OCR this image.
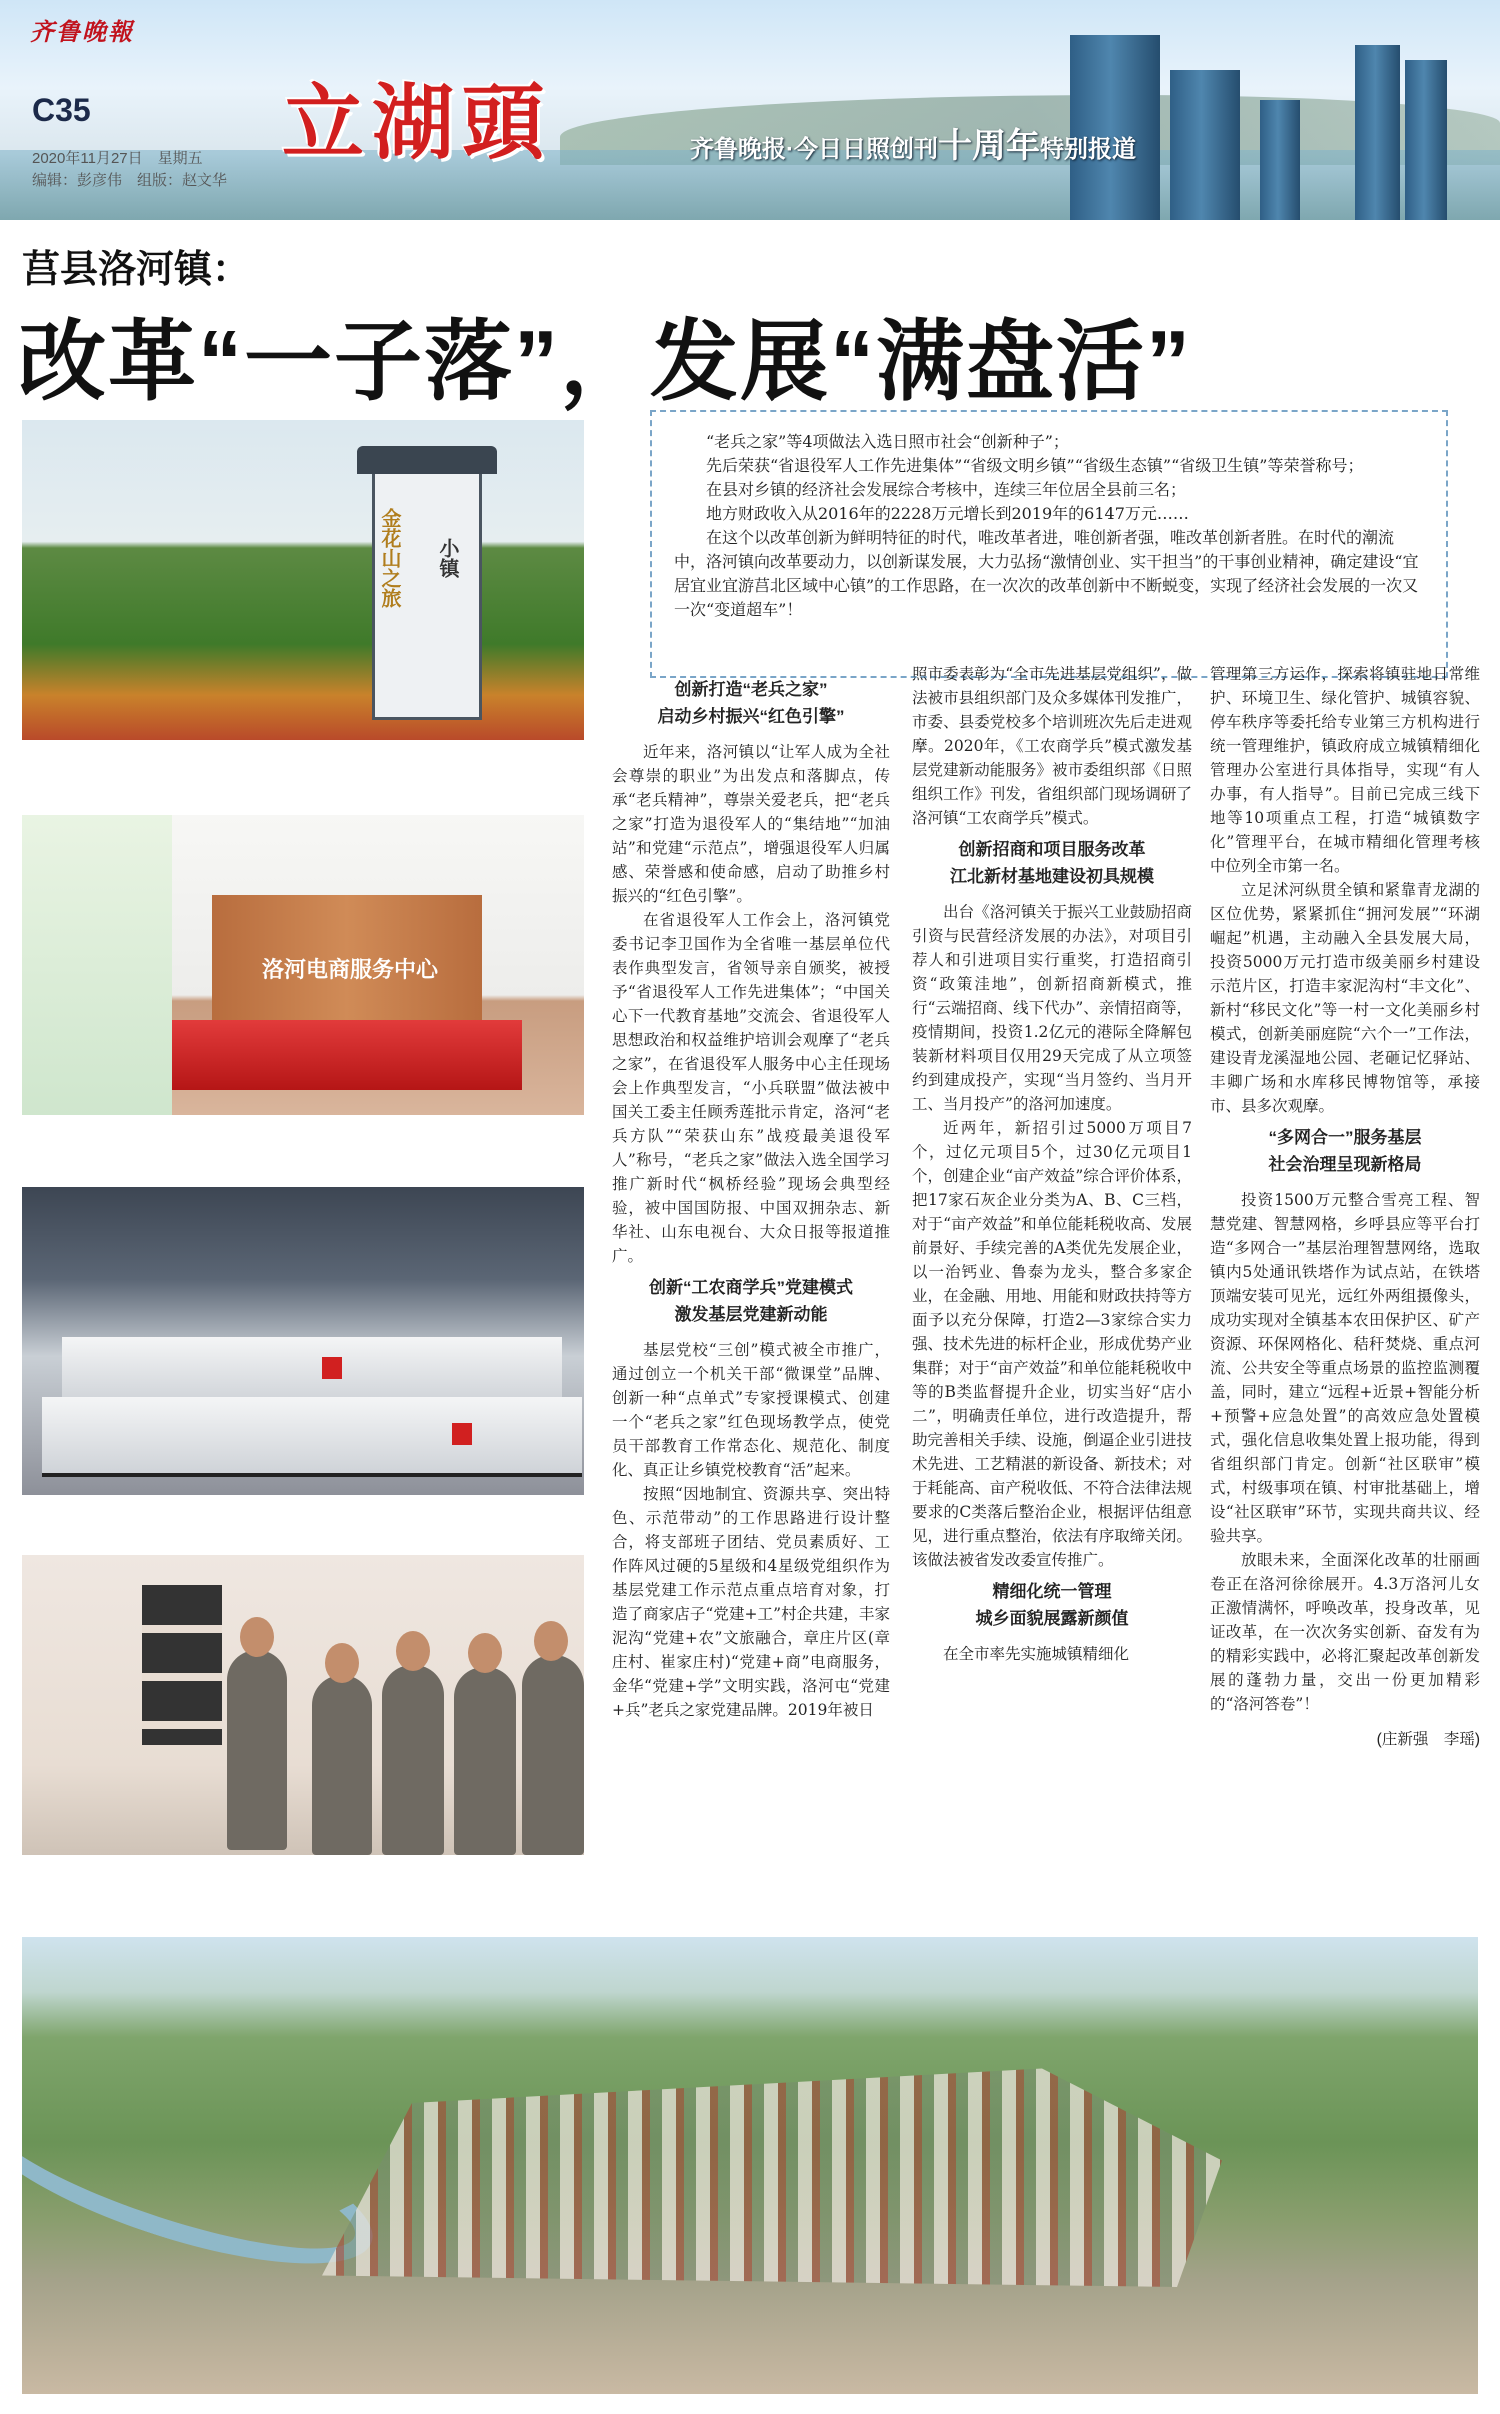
齐鲁晚報
C35
2020年11月27日　星期五
编辑：彭彦伟　组版：赵文华
立湖頭	齐鲁晚报·今日日照创刊十周年特别报道
莒县洛河镇：
改革“一子落”，发展“满盘活”

“老兵之家”等4项做法入选日照市社会“创新种子”；

先后荣获“省退役军人工作先进集体”“省级文明乡镇”“省级生态镇”“省级卫生镇”等荣誉称号；

在县对乡镇的经济社会发展综合考核中，连续三年位居全县前三名；

地方财政收入从2016年的2228万元增长到2019年的6147万元……

在这个以改革创新为鲜明特征的时代，唯改革者进，唯创新者强，唯改革创新者胜。在时代的潮流中，洛河镇向改革要动力，以创新谋发展，大力弘扬“激情创业、实干担当”的干事创业精神，确定建设“宜居宜业宜游莒北区域中心镇”的工作思路，在一次次的改革创新中不断蜕变，实现了经济社会发展的一次又一次“变道超车”！

金花山之旅 小镇
洛河电商服务中心
创新打造“老兵之家”
启动乡村振兴“红色引擎”

近年来，洛河镇以“让军人成为全社会尊崇的职业”为出发点和落脚点，传承“老兵精神”，尊崇关爱老兵，把“老兵之家”打造为退役军人的“集结地”“加油站”和党建“示范点”，增强退役军人归属感、荣誉感和使命感，启动了助推乡村振兴的“红色引擎”。

在省退役军人工作会上，洛河镇党委书记李卫国作为全省唯一基层单位代表作典型发言，省领导亲自颁奖，被授予“省退役军人工作先进集体”；“中国关心下一代教育基地”交流会、省退役军人思想政治和权益维护培训会观摩了“老兵之家”，在省退役军人服务中心主任现场会上作典型发言，“小兵联盟”做法被中国关工委主任顾秀莲批示肯定，洛河“老兵方队”“荣获山东”战疫最美退役军人”称号，“老兵之家”做法入选全国学习推广新时代“枫桥经验”现场会典型经验，被中国国防报、中国双拥杂志、新华社、山东电视台、大众日报等报道推广。

创新“工农商学兵”党建模式
激发基层党建新动能

基层党校“三创”模式被全市推广，通过创立一个机关干部“微课堂”品牌、创新一种“点单式”专家授课模式、创建一个“老兵之家”红色现场教学点，使党员干部教育工作常态化、规范化、制度化、真正让乡镇党校教育“活”起来。

按照“因地制宜、资源共享、突出特色、示范带动”的工作思路进行设计整合，将支部班子团结、党员素质好、工作阵风过硬的5星级和4星级党组织作为基层党建工作示范点重点培育对象，打造了商家店子“党建+工”村企共建，丰家泥沟“党建+农”文旅融合，章庄片区(章庄村、崔家庄村)“党建+商”电商服务，金华“党建+学”文明实践，洛河屯“党建+兵”老兵之家党建品牌。2019年被日

照市委表彰为“全市先进基层党组织”，做法被市县组织部门及众多媒体刊发推广，市委、县委党校多个培训班次先后走进观摩。2020年，《工农商学兵”模式激发基层党建新动能服务》被市委组织部《日照组织工作》刊发，省组织部门现场调研了洛河镇“工农商学兵”模式。

创新招商和项目服务改革
江北新材基地建设初具规模

出台《洛河镇关于振兴工业鼓励招商引资与民营经济发展的办法》，对项目引荐人和引进项目实行重奖，打造招商引资“政策洼地”，创新招商新模式，推行“云端招商、线下代办”、亲情招商等，疫情期间，投资1.2亿元的港际全降解包装新材料项目仅用29天完成了从立项签约到建成投产，实现“当月签约、当月开工、当月投产”的洛河加速度。

近两年，新招引过5000万项目7个，过亿元项目5个，过30亿元项目1个，创建企业“亩产效益”综合评价体系，把17家石灰企业分类为A、B、C三档，对于“亩产效益”和单位能耗税收高、发展前景好、手续完善的A类优先发展企业，以一治钙业、鲁泰为龙头，整合多家企业，在金融、用地、用能和财政扶持等方面予以充分保障，打造2—3家综合实力强、技术先进的标杆企业，形成优势产业集群；对于“亩产效益”和单位能耗税收中等的B类监督提升企业，切实当好“店小二”，明确责任单位，进行改造提升，帮助完善相关手续、设施，倒逼企业引进技术先进、工艺精湛的新设备、新技术；对于耗能高、亩产税收低、不符合法律法规要求的C类落后整治企业，根据评估组意见，进行重点整治，依法有序取缔关闭。该做法被省发改委宣传推广。

精细化统一管理
城乡面貌展露新颜值

在全市率先实施城镇精细化

管理第三方运作，探索将镇驻地日常维护、环境卫生、绿化管护、城镇容貌、停车秩序等委托给专业第三方机构进行统一管理维护，镇政府成立城镇精细化管理办公室进行具体指导，实现“有人办事，有人指导”。目前已完成三线下地等10项重点工程，打造“城镇数字化”管理平台，在城市精细化管理考核中位列全市第一名。

立足沭河纵贯全镇和紧靠青龙湖的区位优势，紧紧抓住“拥河发展”“环湖崛起”机遇，主动融入全县发展大局，投资5000万元打造市级美丽乡村建设示范片区，打造丰家泥沟村“丰文化”、新村“移民文化”等一村一文化美丽乡村模式，创新美丽庭院“六个一”工作法，建设青龙溪湿地公园、老砸记忆驿站、丰卿广场和水库移民博物馆等，承接市、县多次观摩。

“多网合一”服务基层
社会治理呈现新格局

投资1500万元整合雪亮工程、智慧党建、智慧网格，乡呼县应等平台打造“多网合一”基层治理智慧网络，选取镇内5处通讯铁塔作为试点站，在铁塔顶端安装可见光，远红外两组摄像头，成功实现对全镇基本农田保护区、矿产资源、环保网格化、秸秆焚烧、重点河流、公共安全等重点场景的监控监测覆盖，同时，建立“远程+近景+智能分析+预警+应急处置”的高效应急处置模式，强化信息收集处置上报功能，得到省组织部门肯定。创新“社区联审”模式，村级事项在镇、村审批基础上，增设“社区联审”环节，实现共商共议、经验共享。

放眼未来，全面深化改革的壮丽画卷正在洛河徐徐展开。4.3万洛河儿女正激情满怀，呼唤改革，投身改革，见证改革，在一次次务实创新、奋发有为的精彩实践中，必将汇聚起改革创新发展的蓬勃力量，交出一份更加精彩的“洛河答卷”！

(庄新强　李瑶)
